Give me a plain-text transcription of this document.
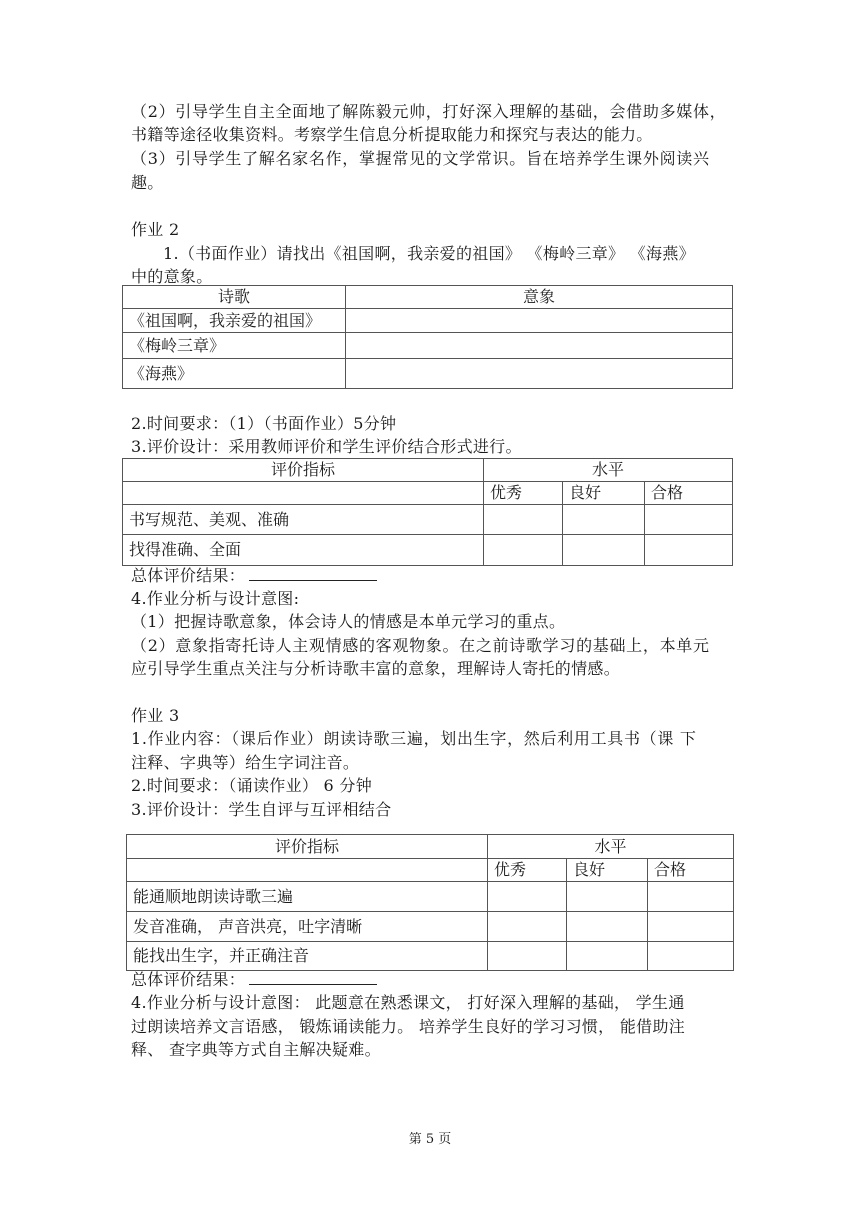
（2）引导学生自主全面地了解陈毅元帅，打好深入理解的基础，会借助多媒体，
书籍等途径收集资料。考察学生信息分析提取能力和探究与表达的能力。
（3）引导学生了解名家名作，掌握常见的文学常识。旨在培养学生课外阅读兴
趣。
作业 2
1.（书面作业）请找出《祖国啊，我亲爱的祖国》 《梅岭三章》 《海燕》
中的意象。
诗歌	意象
《祖国啊，我亲爱的祖国》	
《梅岭三章》	
《海燕》	
2.时间要求：（1）（书面作业）5分钟
3.评价设计：采用教师评价和学生评价结合形式进行。
评价指标	水平		
	优秀	良好	合格
书写规范、美观、准确			
找得准确、全面			
总体评价结果：
4.作业分析与设计意图:
（1）把握诗歌意象，体会诗人的情感是本单元学习的重点。
（2）意象指寄托诗人主观情感的客观物象。在之前诗歌学习的基础上，本单元
应引导学生重点关注与分析诗歌丰富的意象，理解诗人寄托的情感。
作业 3
1.作业内容：（课后作业）朗读诗歌三遍，划出生字，然后利用工具书（课 下
注释、字典等）给生字词注音。
2.时间要求：（诵读作业） 6 分钟
3.评价设计：学生自评与互评相结合
评价指标	水平		
	优秀	良好	合格
能通顺地朗读诗歌三遍			
发音准确， 声音洪亮，吐字清晰			
能找出生字，并正确注音			
总体评价结果：
4.作业分析与设计意图： 此题意在熟悉课文， 打好深入理解的基础， 学生通
过朗读培养文言语感， 锻炼诵读能力。 培养学生良好的学习习惯， 能借助注
释、 查字典等方式自主解决疑难。
第 5 页
